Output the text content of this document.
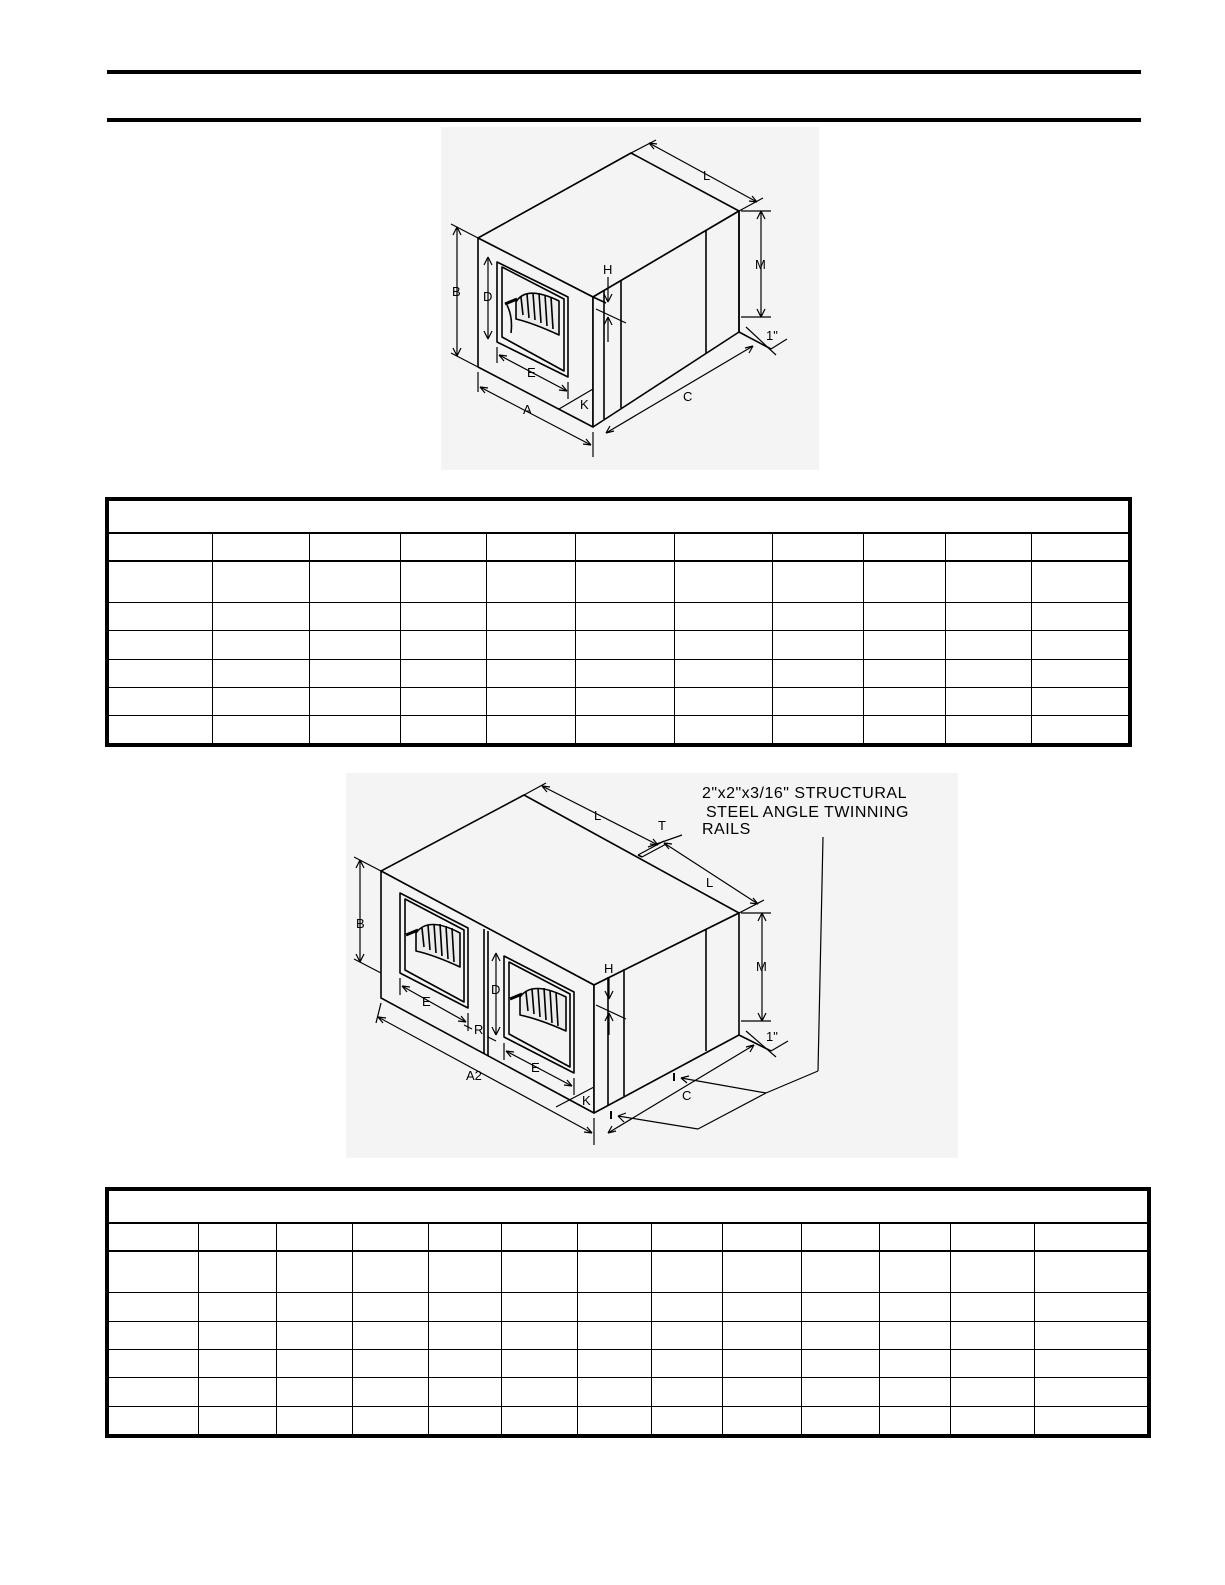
L
M
H
B D
E
A	K
C
1"

2"x2"x3/16" STRUCTURAL
STEEL ANGLE TWINNING
RAILS
L
T
L
M
H
B
D
E
R
E
A2
K	C
1"
